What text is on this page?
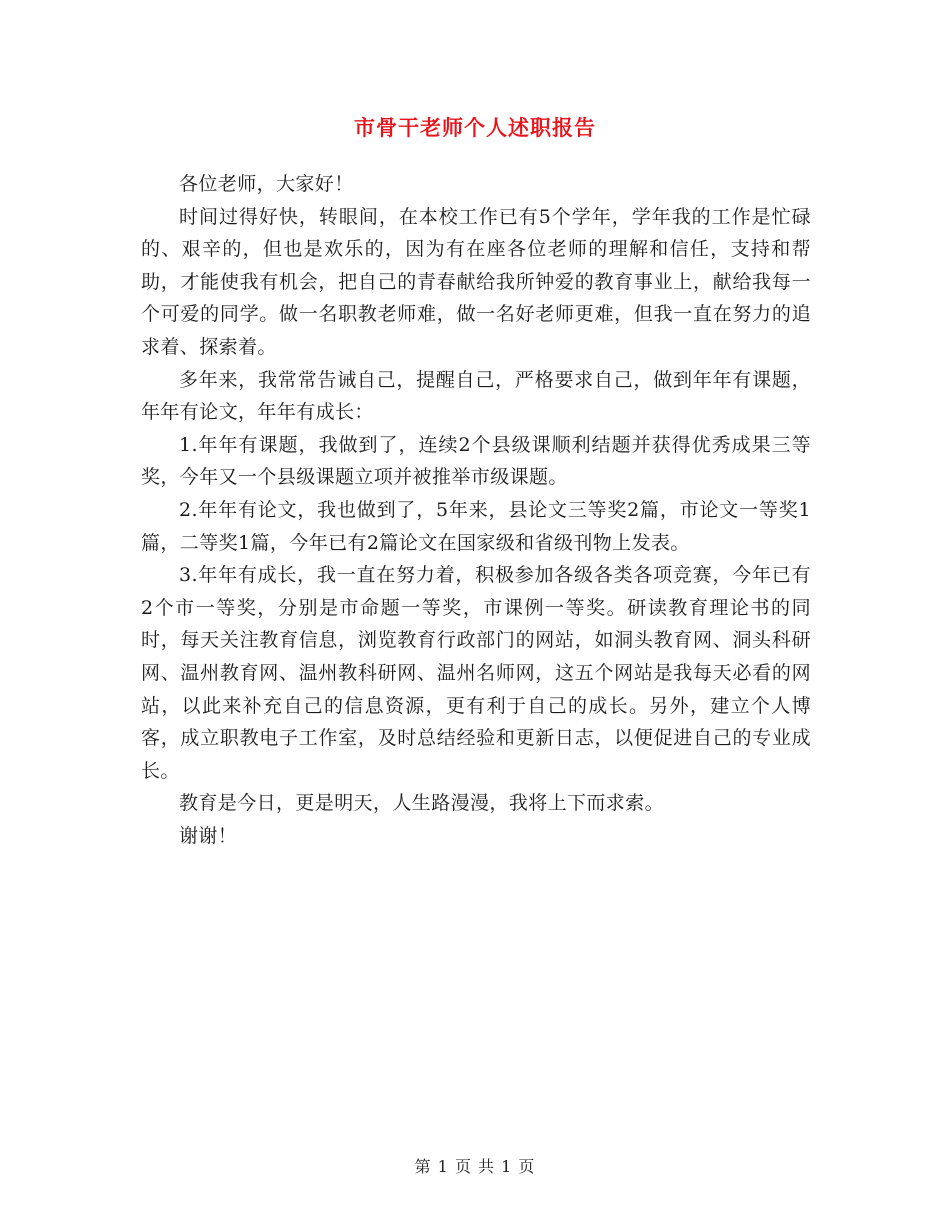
市骨干老师个人述职报告

各位老师，大家好！

时间过得好快，转眼间，在本校工作已有5个学年，学年我的工作是忙碌的、艰辛的，但也是欢乐的，因为有在座各位老师的理解和信任，支持和帮助，才能使我有机会，把自己的青春献给我所钟爱的教育事业上，献给我每一个可爱的同学。做一名职教老师难，做一名好老师更难，但我一直在努力的追求着、探索着。

多年来，我常常告诫自己，提醒自己，严格要求自己，做到年年有课题，年年有论文，年年有成长：

1.年年有课题，我做到了，连续2个县级课顺利结题并获得优秀成果三等奖，今年又一个县级课题立项并被推举市级课题。

2.年年有论文，我也做到了，5年来，县论文三等奖2篇，市论文一等奖1篇，二等奖1篇，今年已有2篇论文在国家级和省级刊物上发表。

3.年年有成长，我一直在努力着，积极参加各级各类各项竞赛，今年已有2个市一等奖，分别是市命题一等奖，市课例一等奖。研读教育理论书的同时，每天关注教育信息，浏览教育行政部门的网站，如洞头教育网、洞头科研网、温州教育网、温州教科研网、温州名师网，这五个网站是我每天必看的网站，以此来补充自己的信息资源，更有利于自己的成长。另外，建立个人博客，成立职教电子工作室，及时总结经验和更新日志，以便促进自己的专业成长。

教育是今日，更是明天，人生路漫漫，我将上下而求索。

谢谢！

第 1 页 共 1 页
